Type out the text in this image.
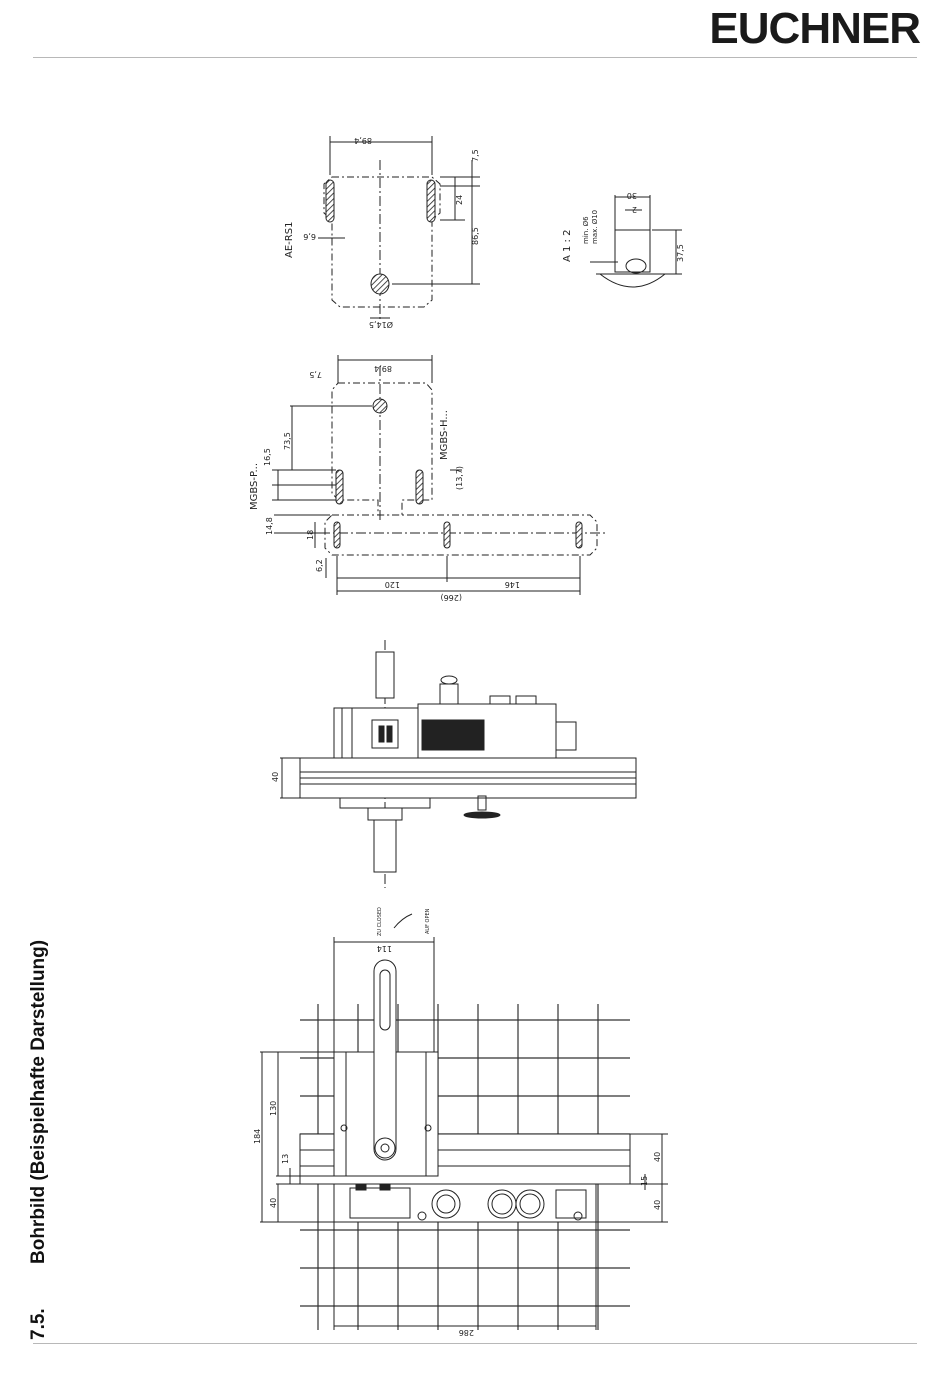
EUCHNER
7.5.Bohrbild (Beispielhafte Darstellung)
AE-RS1
89,4
7,5
24
86,5
6,6
Ø14,5
A 1 : 2 min. Ø6 max. Ø10
30
2
37,5
7,5
89,4
73,5
16,5
MGBS-P...
MGBS-H...
(13,7)
14,8	18
6,2
120	146
(266)
40
114
184
130
13
40
40
15
40
286
ZU CLOSED	AUF OPEN
